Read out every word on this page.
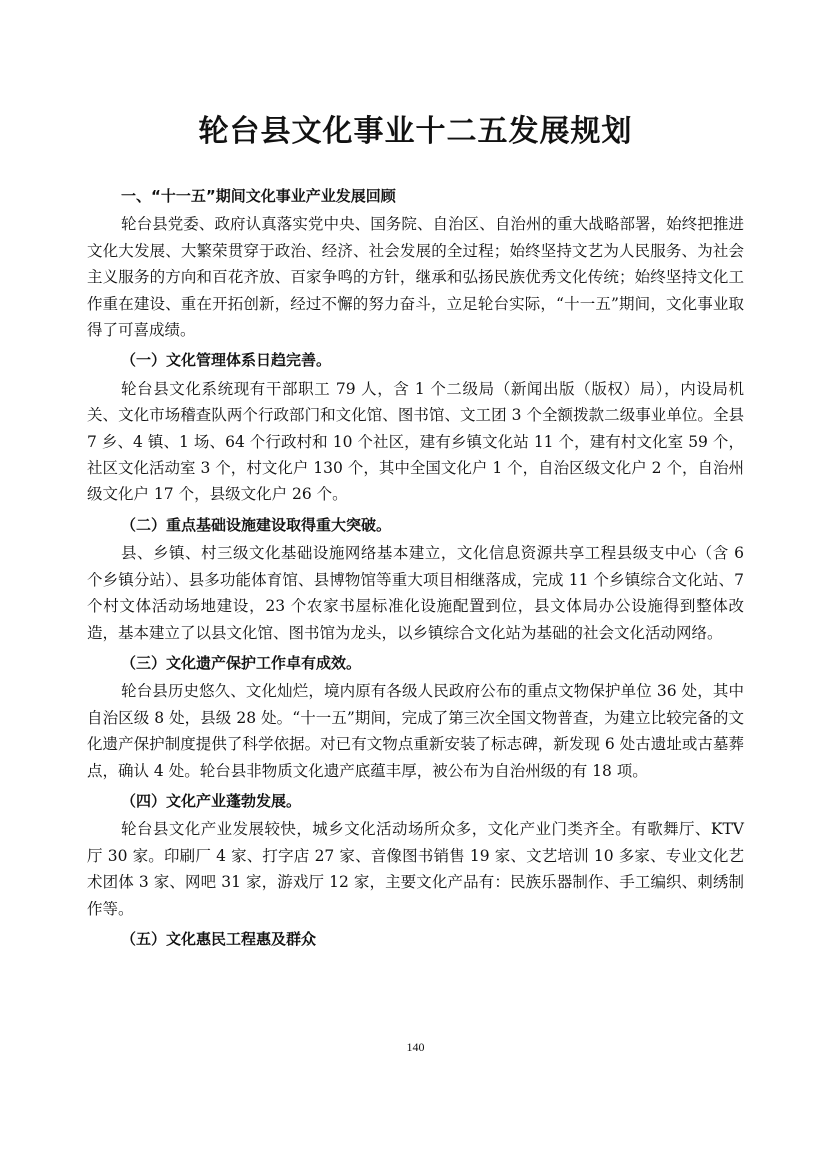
轮台县文化事业十二五发展规划
一、“十一五”期间文化事业产业发展回顾

轮台县党委、政府认真落实党中央、国务院、自治区、自治州的重大战略部署，始终把推进文化大发展、大繁荣贯穿于政治、经济、社会发展的全过程；始终坚持文艺为人民服务、为社会主义服务的方向和百花齐放、百家争鸣的方针，继承和弘扬民族优秀文化传统；始终坚持文化工作重在建设、重在开拓创新，经过不懈的努力奋斗，立足轮台实际，“十一五”期间，文化事业取得了可喜成绩。

（一）文化管理体系日趋完善。

轮台县文化系统现有干部职工 79 人，含 1 个二级局（新闻出版（版权）局），内设局机关、文化市场稽查队两个行政部门和文化馆、图书馆、文工团 3 个全额拨款二级事业单位。全县 7 乡、4 镇、1 场、64 个行政村和 10 个社区，建有乡镇文化站 11 个，建有村文化室 59 个，社区文化活动室 3 个，村文化户 130 个，其中全国文化户 1 个，自治区级文化户 2 个，自治州级文化户 17 个，县级文化户 26 个。

（二）重点基础设施建设取得重大突破。

县、乡镇、村三级文化基础设施网络基本建立，文化信息资源共享工程县级支中心（含 6 个乡镇分站）、县多功能体育馆、县博物馆等重大项目相继落成，完成 11 个乡镇综合文化站、7 个村文体活动场地建设，23 个农家书屋标准化设施配置到位，县文体局办公设施得到整体改造，基本建立了以县文化馆、图书馆为龙头，以乡镇综合文化站为基础的社会文化活动网络。

（三）文化遗产保护工作卓有成效。

轮台县历史悠久、文化灿烂，境内原有各级人民政府公布的重点文物保护单位 36 处，其中自治区级 8 处，县级 28 处。“十一五”期间，完成了第三次全国文物普查，为建立比较完备的文化遗产保护制度提供了科学依据。对已有文物点重新安装了标志碑，新发现 6 处古遗址或古墓葬点，确认 4 处。轮台县非物质文化遗产底蕴丰厚，被公布为自治州级的有 18 项。

（四）文化产业蓬勃发展。

轮台县文化产业发展较快，城乡文化活动场所众多，文化产业门类齐全。有歌舞厅、KTV 厅 30 家。印刷厂 4 家、打字店 27 家、音像图书销售 19 家、文艺培训 10 多家、专业文化艺术团体 3 家、网吧 31 家，游戏厅 12 家，主要文化产品有：民族乐器制作、手工编织、刺绣制作等。

（五）文化惠民工程惠及群众
140
